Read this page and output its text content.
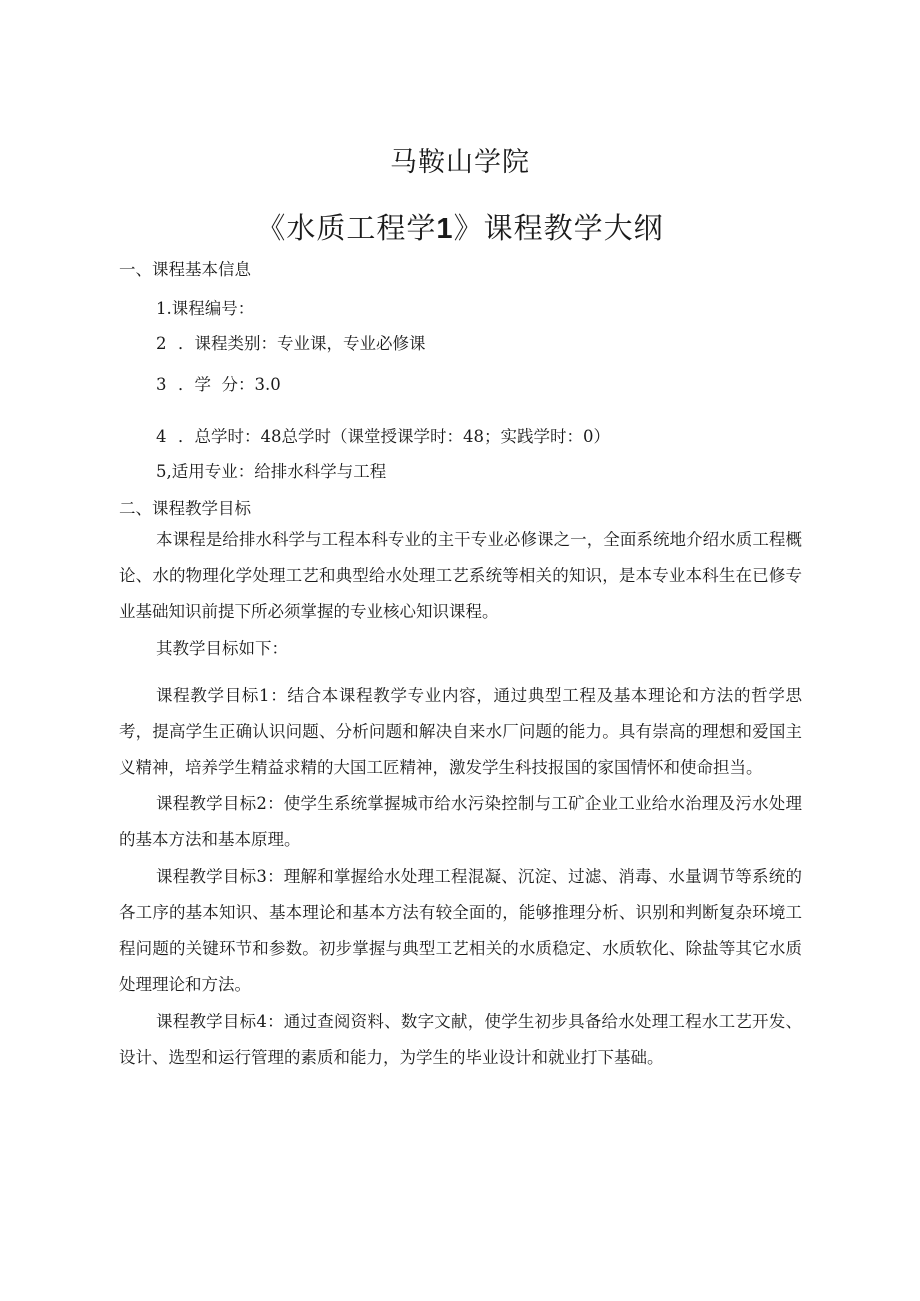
马鞍山学院
《水质工程学1》课程教学大纲
一、课程基本信息
1.课程编号：
2 ．课程类别：专业课，专业必修课
3 ．学  分：3.0
4 ．总学时：48总学时（课堂授课学时：48；实践学时：0）
5,适用专业：给排水科学与工程
二、课程教学目标
本课程是给排水科学与工程本科专业的主干专业必修课之一，全面系统地介绍水质工程概论、水的物理化学处理工艺和典型给水处理工艺系统等相关的知识，是本专业本科生在已修专业基础知识前提下所必须掌握的专业核心知识课程。
其教学目标如下：
课程教学目标1：结合本课程教学专业内容，通过典型工程及基本理论和方法的哲学思考，提高学生正确认识问题、分析问题和解决自来水厂问题的能力。具有崇高的理想和爱国主义精神，培养学生精益求精的大国工匠精神，激发学生科技报国的家国情怀和使命担当。
课程教学目标2：使学生系统掌握城市给水污染控制与工矿企业工业给水治理及污水处理的基本方法和基本原理。
课程教学目标3：理解和掌握给水处理工程混凝、沉淀、过滤、消毒、水量调节等系统的各工序的基本知识、基本理论和基本方法有较全面的，能够推理分析、识别和判断复杂环境工程问题的关键环节和参数。初步掌握与典型工艺相关的水质稳定、水质软化、除盐等其它水质处理理论和方法。
课程教学目标4：通过查阅资料、数字文献，使学生初步具备给水处理工程水工艺开发、设计、选型和运行管理的素质和能力，为学生的毕业设计和就业打下基础。
